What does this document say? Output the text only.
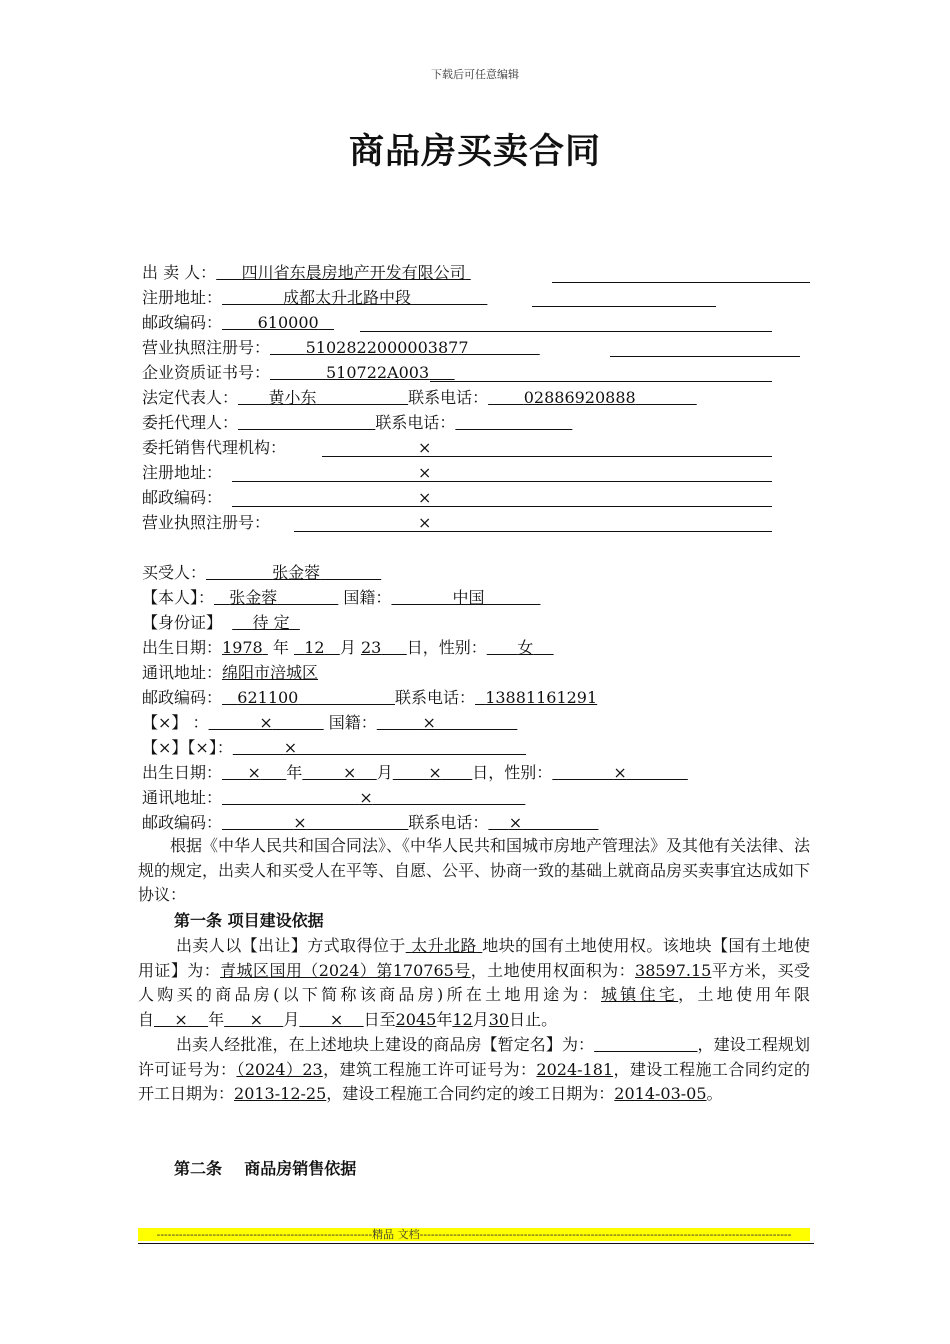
下载后可任意编辑
商品房买卖合同
出 卖 人： 四川省东晨房地产开发有限公司
注册地址：	成都太升北路中段
邮政编码： 610000
营业执照注册号： 5102822000003877
企业资质证书号：	510722A003
法定代表人： 黄小东	联系电话： 02886920888
委托代理人：	联系电话：
委托销售代理机构：	×
注册地址：	×
邮政编码：	×
营业执照注册号：	×
买受人：	张金蓉
【本人】： 张金蓉	国籍：	中国
【身份证】 待 定
出生日期：1978 年 12 月 23 日，性别： 女
通讯地址：绵阳市涪城区
邮政编码： 621100	联系电话： 13881161291
【×】 ：	×	国籍：	×
【×】【×】：	×
出生日期： × 年	× 月 × 日，性别：	×
通讯地址：	×
邮政编码：	×	联系电话： ×
根据《中华人民共和国合同法》、《中华人民共和国城市房地产管理法》及其他有关法律、法规的规定，出卖人和买受人在平等、自愿、公平、协商一致的基础上就商品房买卖事宜达成如下协议：
第一条 项目建设依据
出卖人以【出让】方式取得位于 太升北路 地块的国有土地使用权。该地块【国有土地使用证】为：青城区国用（2024）第170765号，土地使用权面积为：38597.15平方米，买受人购买的商品房(以下简称该商品房)所在土地用途为：城镇住宅，土地使用年限自 × 年 × 月 × 日至2045年12月30日止。
出卖人经批准，在上述地块上建设的商品房【暂定名】为：	，建设工程规划许可证号为：（2024）23，建筑工程施工许可证号为：2024-181，建设工程施工合同约定的开工日期为：2013-12-25，建设工程施工合同约定的竣工日期为：2014-03-05。
第二条    商品房销售依据
----------------------------------------------------------精品 文档----------------------------------------------------------------------------------------------------
